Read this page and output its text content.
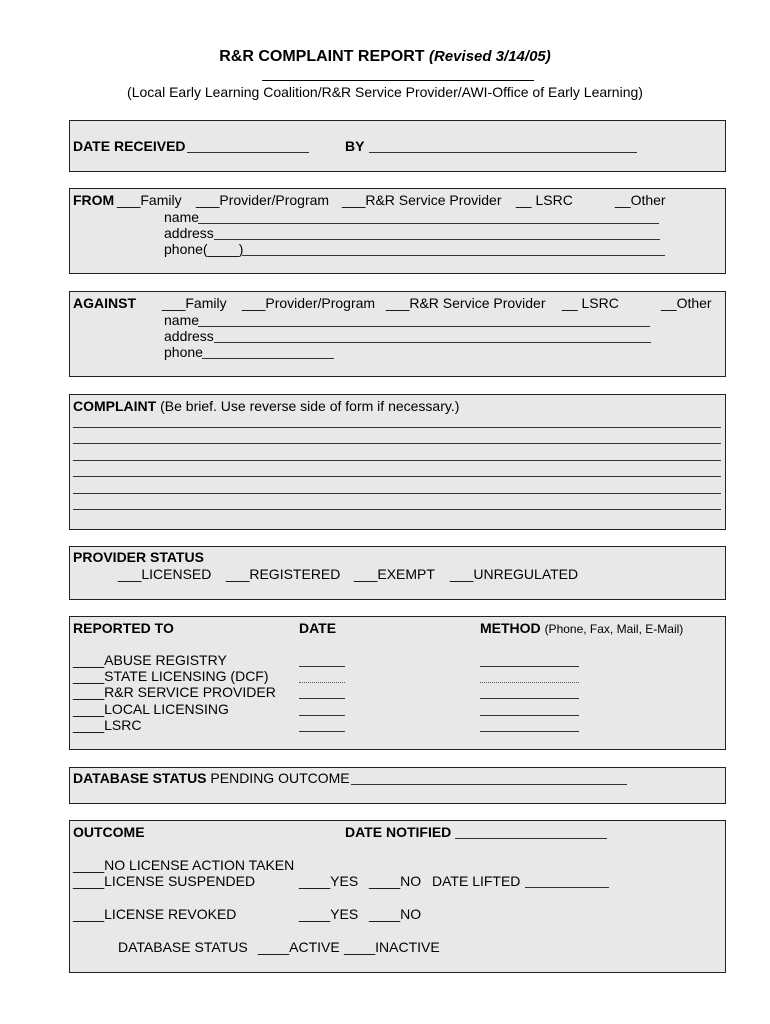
R&R COMPLAINT REPORT (Revised 3/14/05)
(Local Early Learning Coalition/R&R Service Provider/AWI-Office of Early Learning)
DATE RECEIVED	BY
FROM ___Family ___Provider/Program ___R&R Service Provider __ LSRC	__Other
name
address
phone(____)
AGAINST ___Family ___Provider/Program ___R&R Service Provider __ LSRC	__Other
name
address
phone
COMPLAINT (Be brief. Use reverse side of form if necessary.)
PROVIDER STATUS
___LICENSED ___REGISTERED ___EXEMPT ___UNREGULATED
REPORTED TO	DATE	METHOD (Phone, Fax, Mail, E-Mail)
____ABUSE REGISTRY
____STATE LICENSING (DCF)
____R&R SERVICE PROVIDER
____LOCAL LICENSING
____LSRC
DATABASE STATUS PENDING OUTCOME
OUTCOME	DATE NOTIFIED
____NO LICENSE ACTION TAKEN
____LICENSE SUSPENDED	____YES ____NO DATE LIFTED
____LICENSE REVOKED	____YES ____NO
DATABASE STATUS ____ACTIVE ____INACTIVE
